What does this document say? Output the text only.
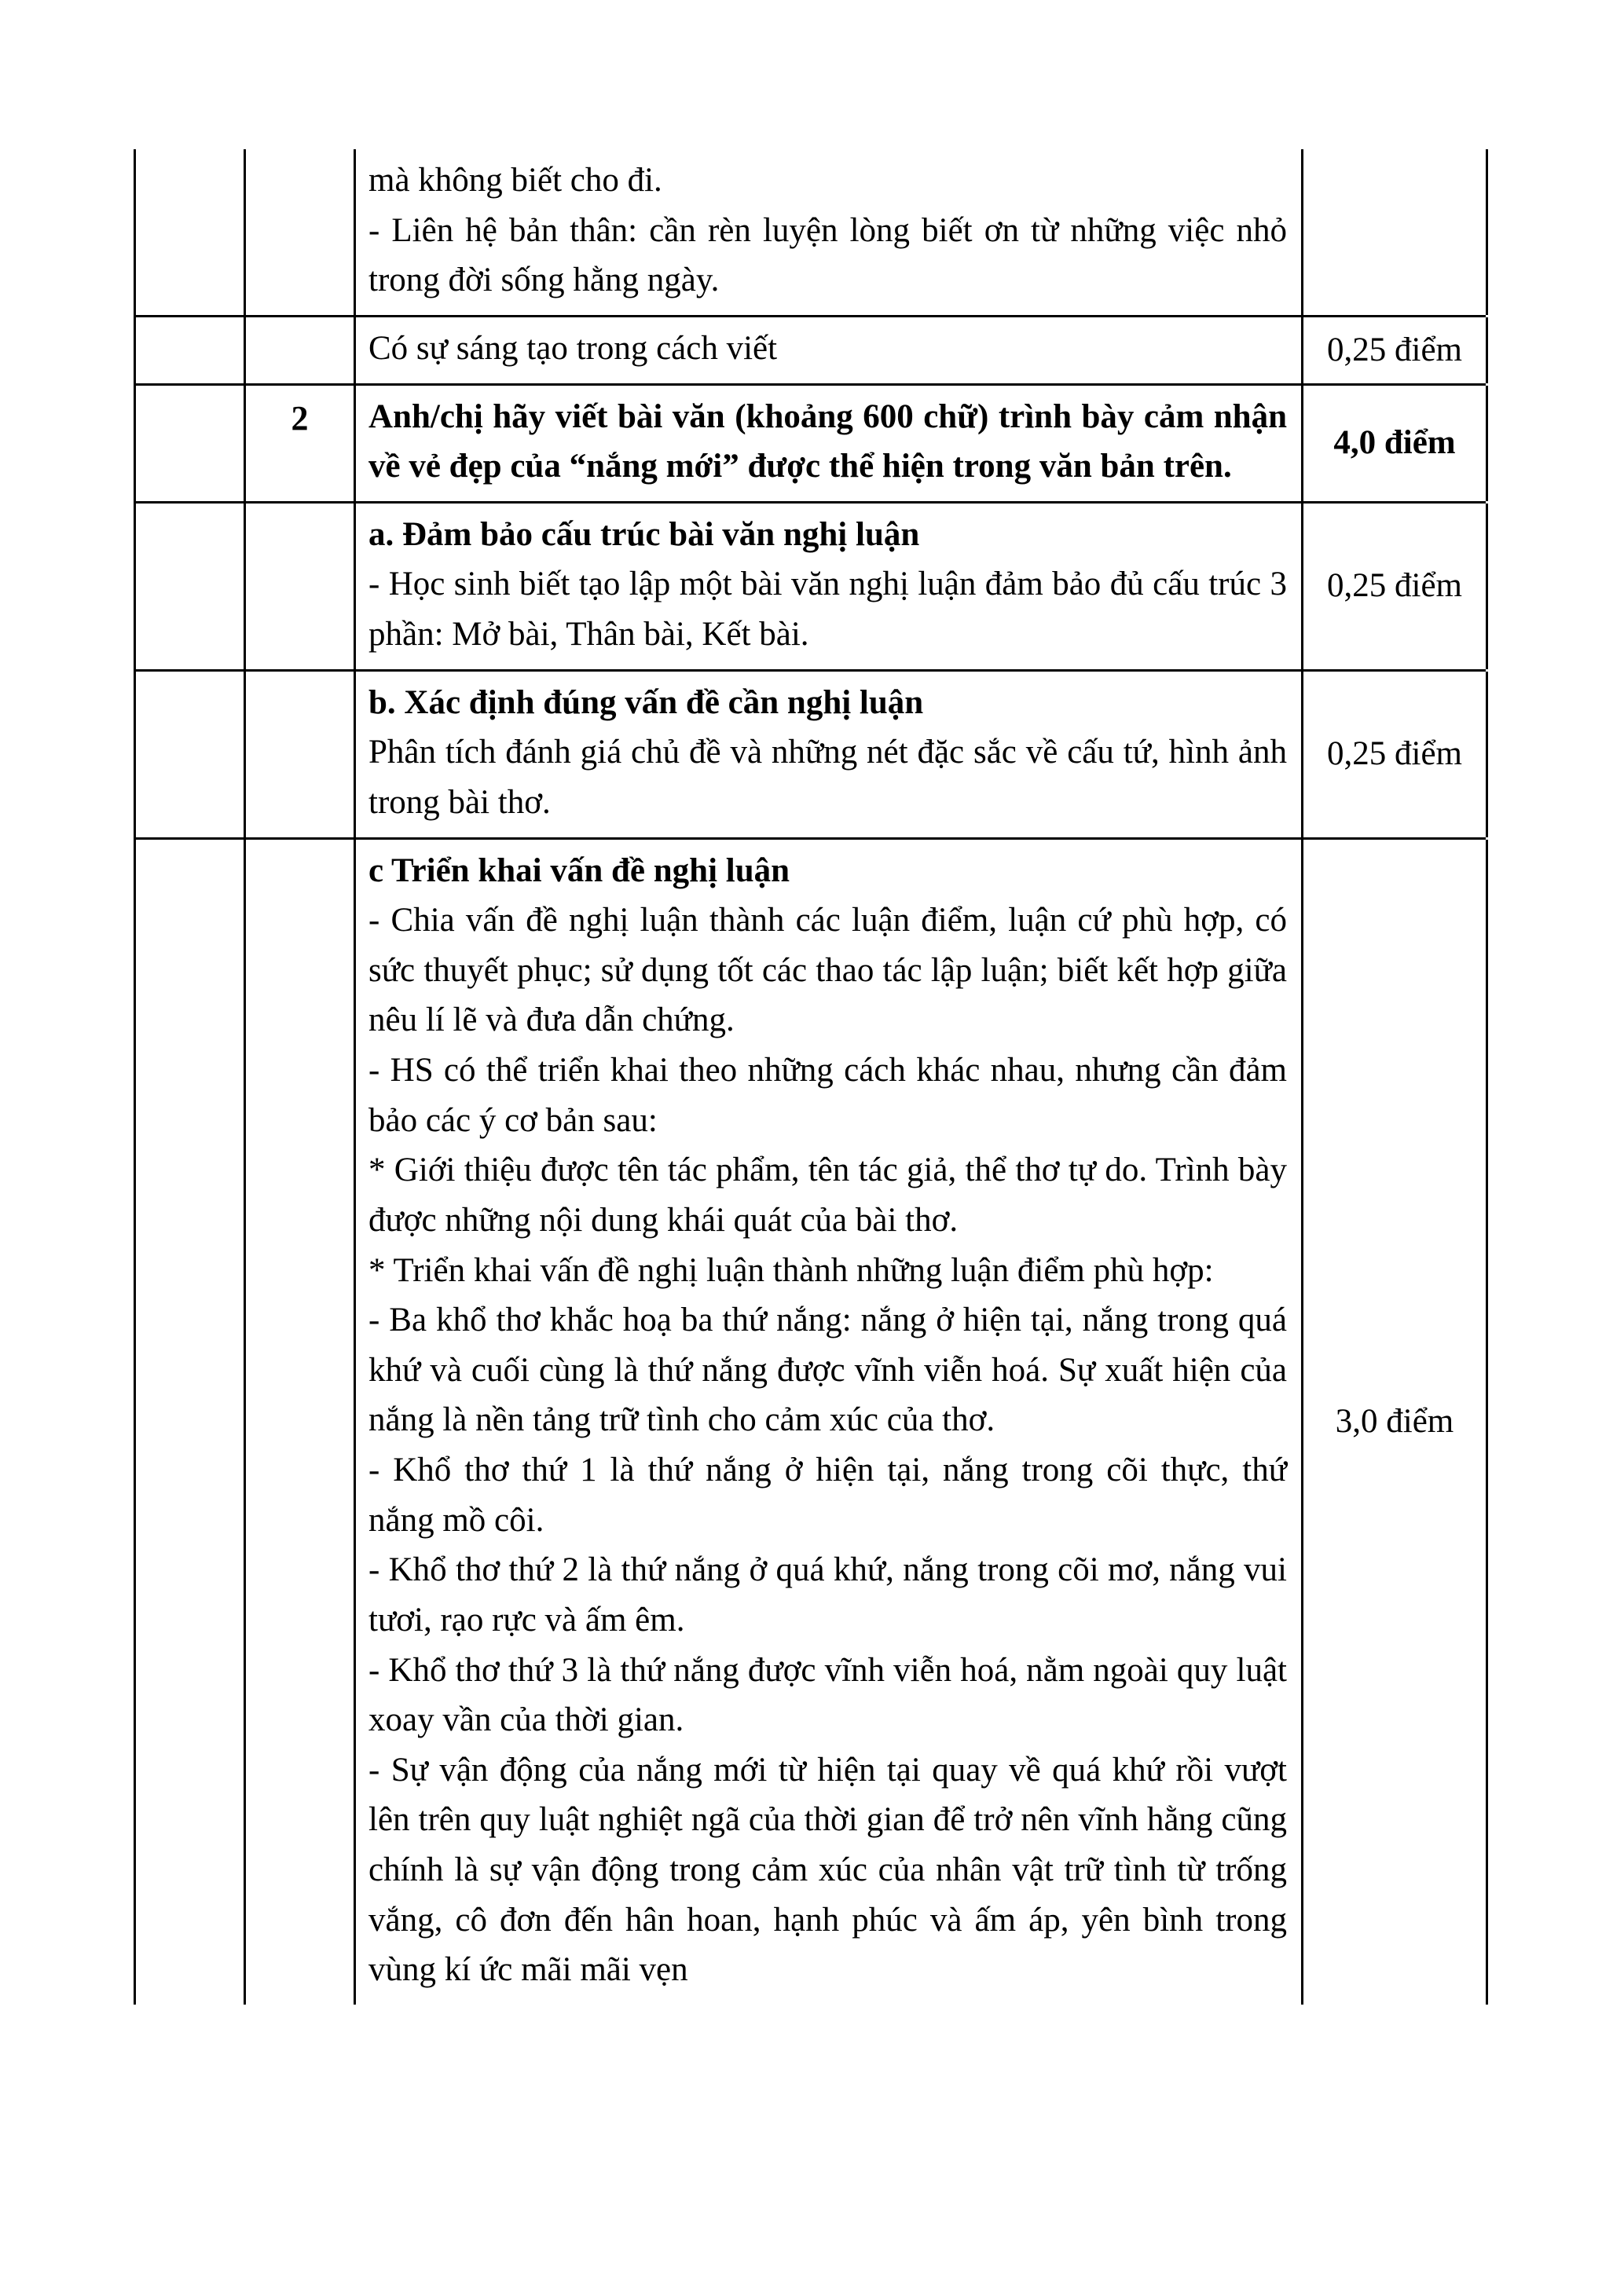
mà không biết cho đi.

- Liên hệ bản thân: cần rèn luyện lòng biết ơn từ những việc nhỏ trong đời sống hằng ngày.

Có sự sáng tạo trong cách viết	0,25 điểm
2	Anh/chị hãy viết bài văn (khoảng 600 chữ) trình bày cảm nhận về vẻ đẹp của “nắng mới” được thể hiện trong văn bản trên.

4,0 điểm

a. Đảm bảo cấu trúc bài văn nghị luận

- Học sinh biết tạo lập một bài văn nghị luận đảm bảo đủ cấu trúc 3 phần: Mở bài, Thân bài, Kết bài.

0,25 điểm

b. Xác định đúng vấn đề cần nghị luận

Phân tích đánh giá chủ đề và những nét đặc sắc về cấu tứ, hình ảnh trong bài thơ.

0,25 điểm

c Triển khai vấn đề nghị luận

- Chia vấn đề nghị luận thành các luận điểm, luận cứ phù hợp, có sức thuyết phục; sử dụng tốt các thao tác lập luận; biết kết hợp giữa nêu lí lẽ và đưa dẫn chứng.

- HS có thể triển khai theo những cách khác nhau, nhưng cần đảm bảo các ý cơ bản sau:

* Giới thiệu được tên tác phẩm, tên tác giả, thể thơ tự do. Trình bày được những nội dung khái quát của bài thơ.

* Triển khai vấn đề nghị luận thành những luận điểm phù hợp:

- Ba khổ thơ khắc hoạ ba thứ nắng: nắng ở hiện tại, nắng trong quá khứ và cuối cùng là thứ nắng được vĩnh viễn hoá. Sự xuất hiện của nắng là nền tảng trữ tình cho cảm xúc của thơ.

- Khổ thơ thứ 1 là thứ nắng ở hiện tại, nắng trong cõi thực, thứ nắng mồ côi.

- Khổ thơ thứ 2 là thứ nắng ở quá khứ, nắng trong cõi mơ, nắng vui tươi, rạo rực và ấm êm.

- Khổ thơ thứ 3 là thứ nắng được vĩnh viễn hoá, nằm ngoài quy luật xoay vần của thời gian.

- Sự vận động của nắng mới từ hiện tại quay về quá khứ rồi vượt lên trên quy luật nghiệt ngã của thời gian để trở nên vĩnh hằng cũng chính là sự vận động trong cảm xúc của nhân vật trữ tình từ trống vắng, cô đơn đến hân hoan, hạnh phúc và ấm áp, yên bình trong vùng kí ức mãi mãi vẹn

3,0 điểm
